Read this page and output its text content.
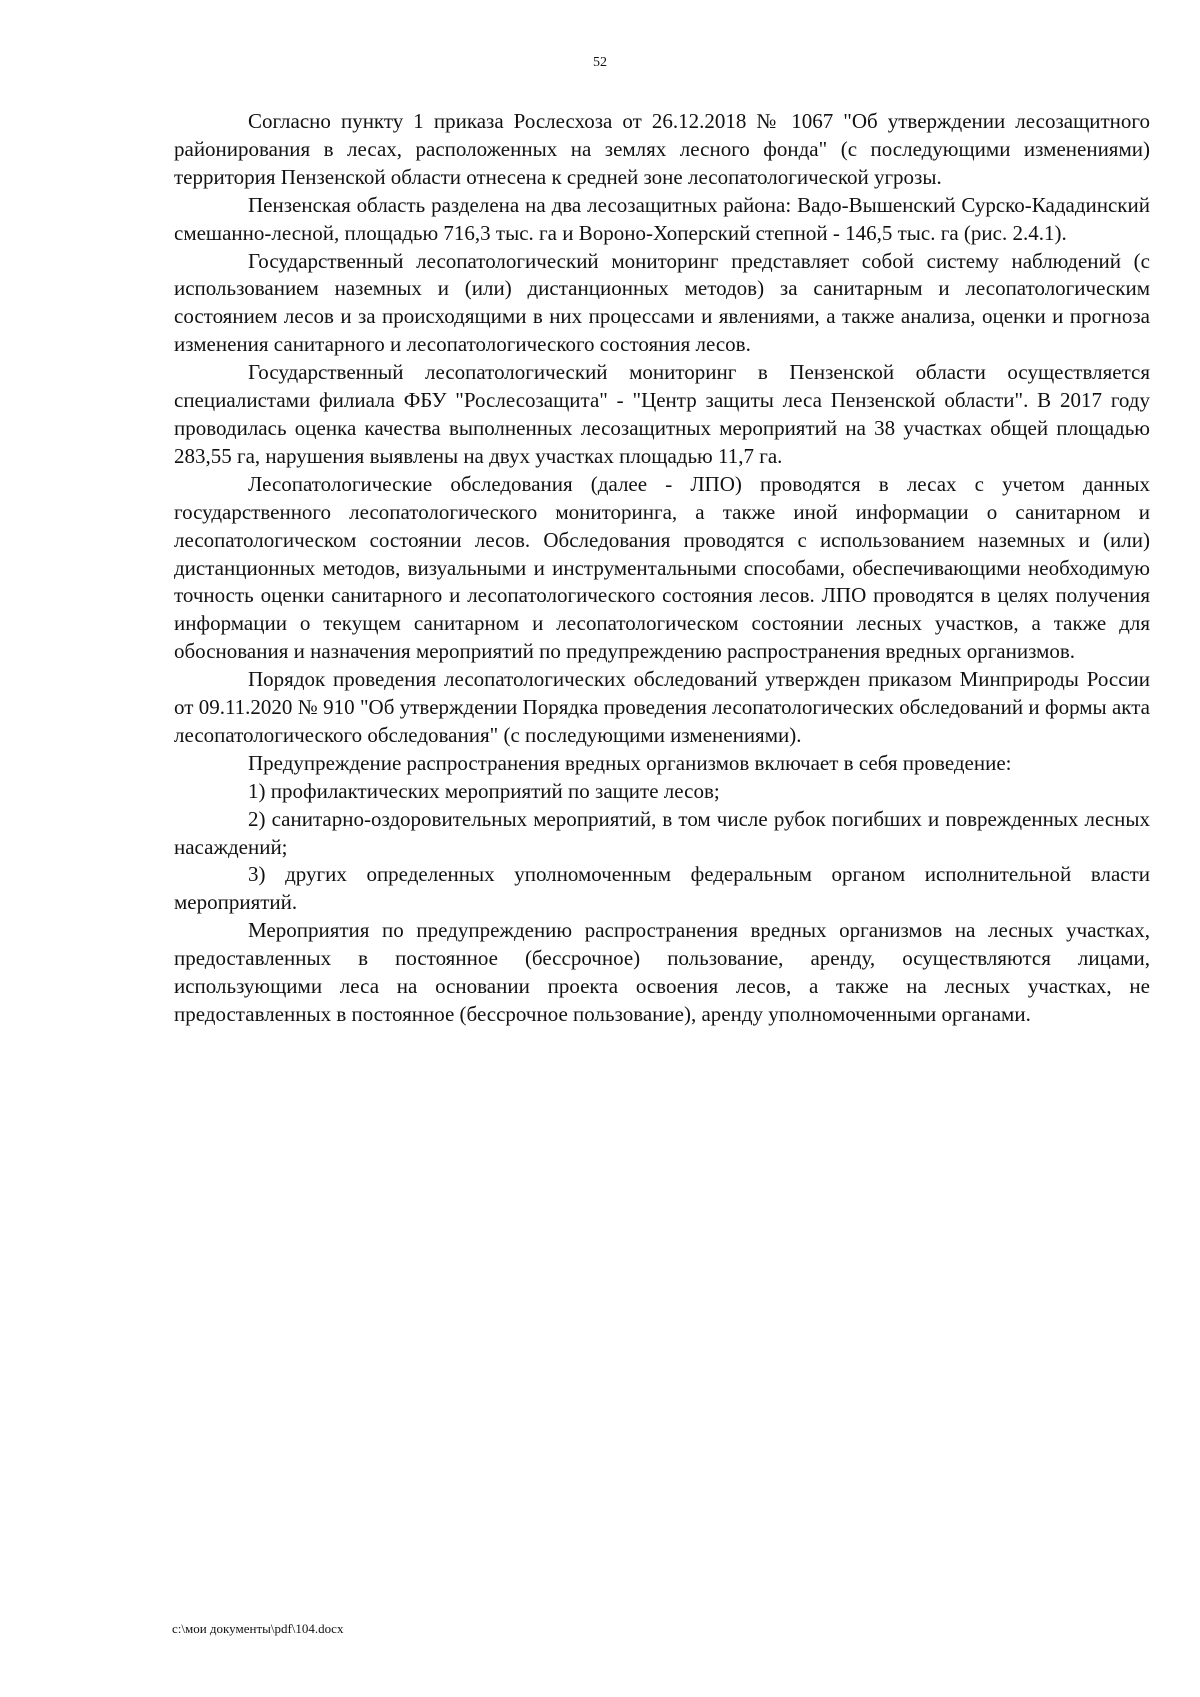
52

Согласно пункту 1 приказа Рослесхоза от 26.12.2018 № 1067 "Об утверждении лесозащитного районирования в лесах, расположенных на землях лесного фонда" (с последующими изменениями) территория Пензенской области отнесена к средней зоне лесопатологической угрозы.

Пензенская область разделена на два лесозащитных района: Вадо-Вышенский Сурско-Кададинский смешанно-лесной, площадью 716,3 тыс. га и Вороно-Хоперский степной - 146,5 тыс. га (рис. 2.4.1).

Государственный лесопатологический мониторинг представляет собой систему наблюдений (с использованием наземных и (или) дистанционных методов) за санитарным и лесопатологическим состоянием лесов и за происходящими в них процессами и явлениями, а также анализа, оценки и прогноза изменения санитарного и лесопатологического состояния лесов.

Государственный лесопатологический мониторинг в Пензенской области осуществляется специалистами филиала ФБУ "Рослесозащита" - "Центр защиты леса Пензенской области". В 2017 году проводилась оценка качества выполненных лесозащитных мероприятий на 38 участках общей площадью 283,55 га, нарушения выявлены на двух участках площадью 11,7 га.

Лесопатологические обследования (далее - ЛПО) проводятся в лесах с учетом данных государственного лесопатологического мониторинга, а также иной информации о санитарном и лесопатологическом состоянии лесов. Обследования проводятся с использованием наземных и (или) дистанционных методов, визуальными и инструментальными способами, обеспечивающими необходимую точность оценки санитарного и лесопатологического состояния лесов. ЛПО проводятся в целях получения информации о текущем санитарном и лесопатологическом состоянии лесных участков, а также для обоснования и назначения мероприятий по предупреждению распространения вредных организмов.

Порядок проведения лесопатологических обследований утвержден приказом Минприроды России от 09.11.2020 № 910 "Об утверждении Порядка проведения лесопатологических обследований и формы акта лесопатологического обследования" (с последующими изменениями).

Предупреждение распространения вредных организмов включает в себя проведение:

1) профилактических мероприятий по защите лесов;

2) санитарно-оздоровительных мероприятий, в том числе рубок погибших и поврежденных лесных насаждений;

3) других определенных уполномоченным федеральным органом исполнительной власти мероприятий.

Мероприятия по предупреждению распространения вредных организмов на лесных участках, предоставленных в постоянное (бессрочное) пользование, аренду, осуществляются лицами, использующими леса на основании проекта освоения лесов, а также на лесных участках, не предоставленных в постоянное (бессрочное пользование), аренду уполномоченными органами.

c:\мои документы\pdf\104.docx
